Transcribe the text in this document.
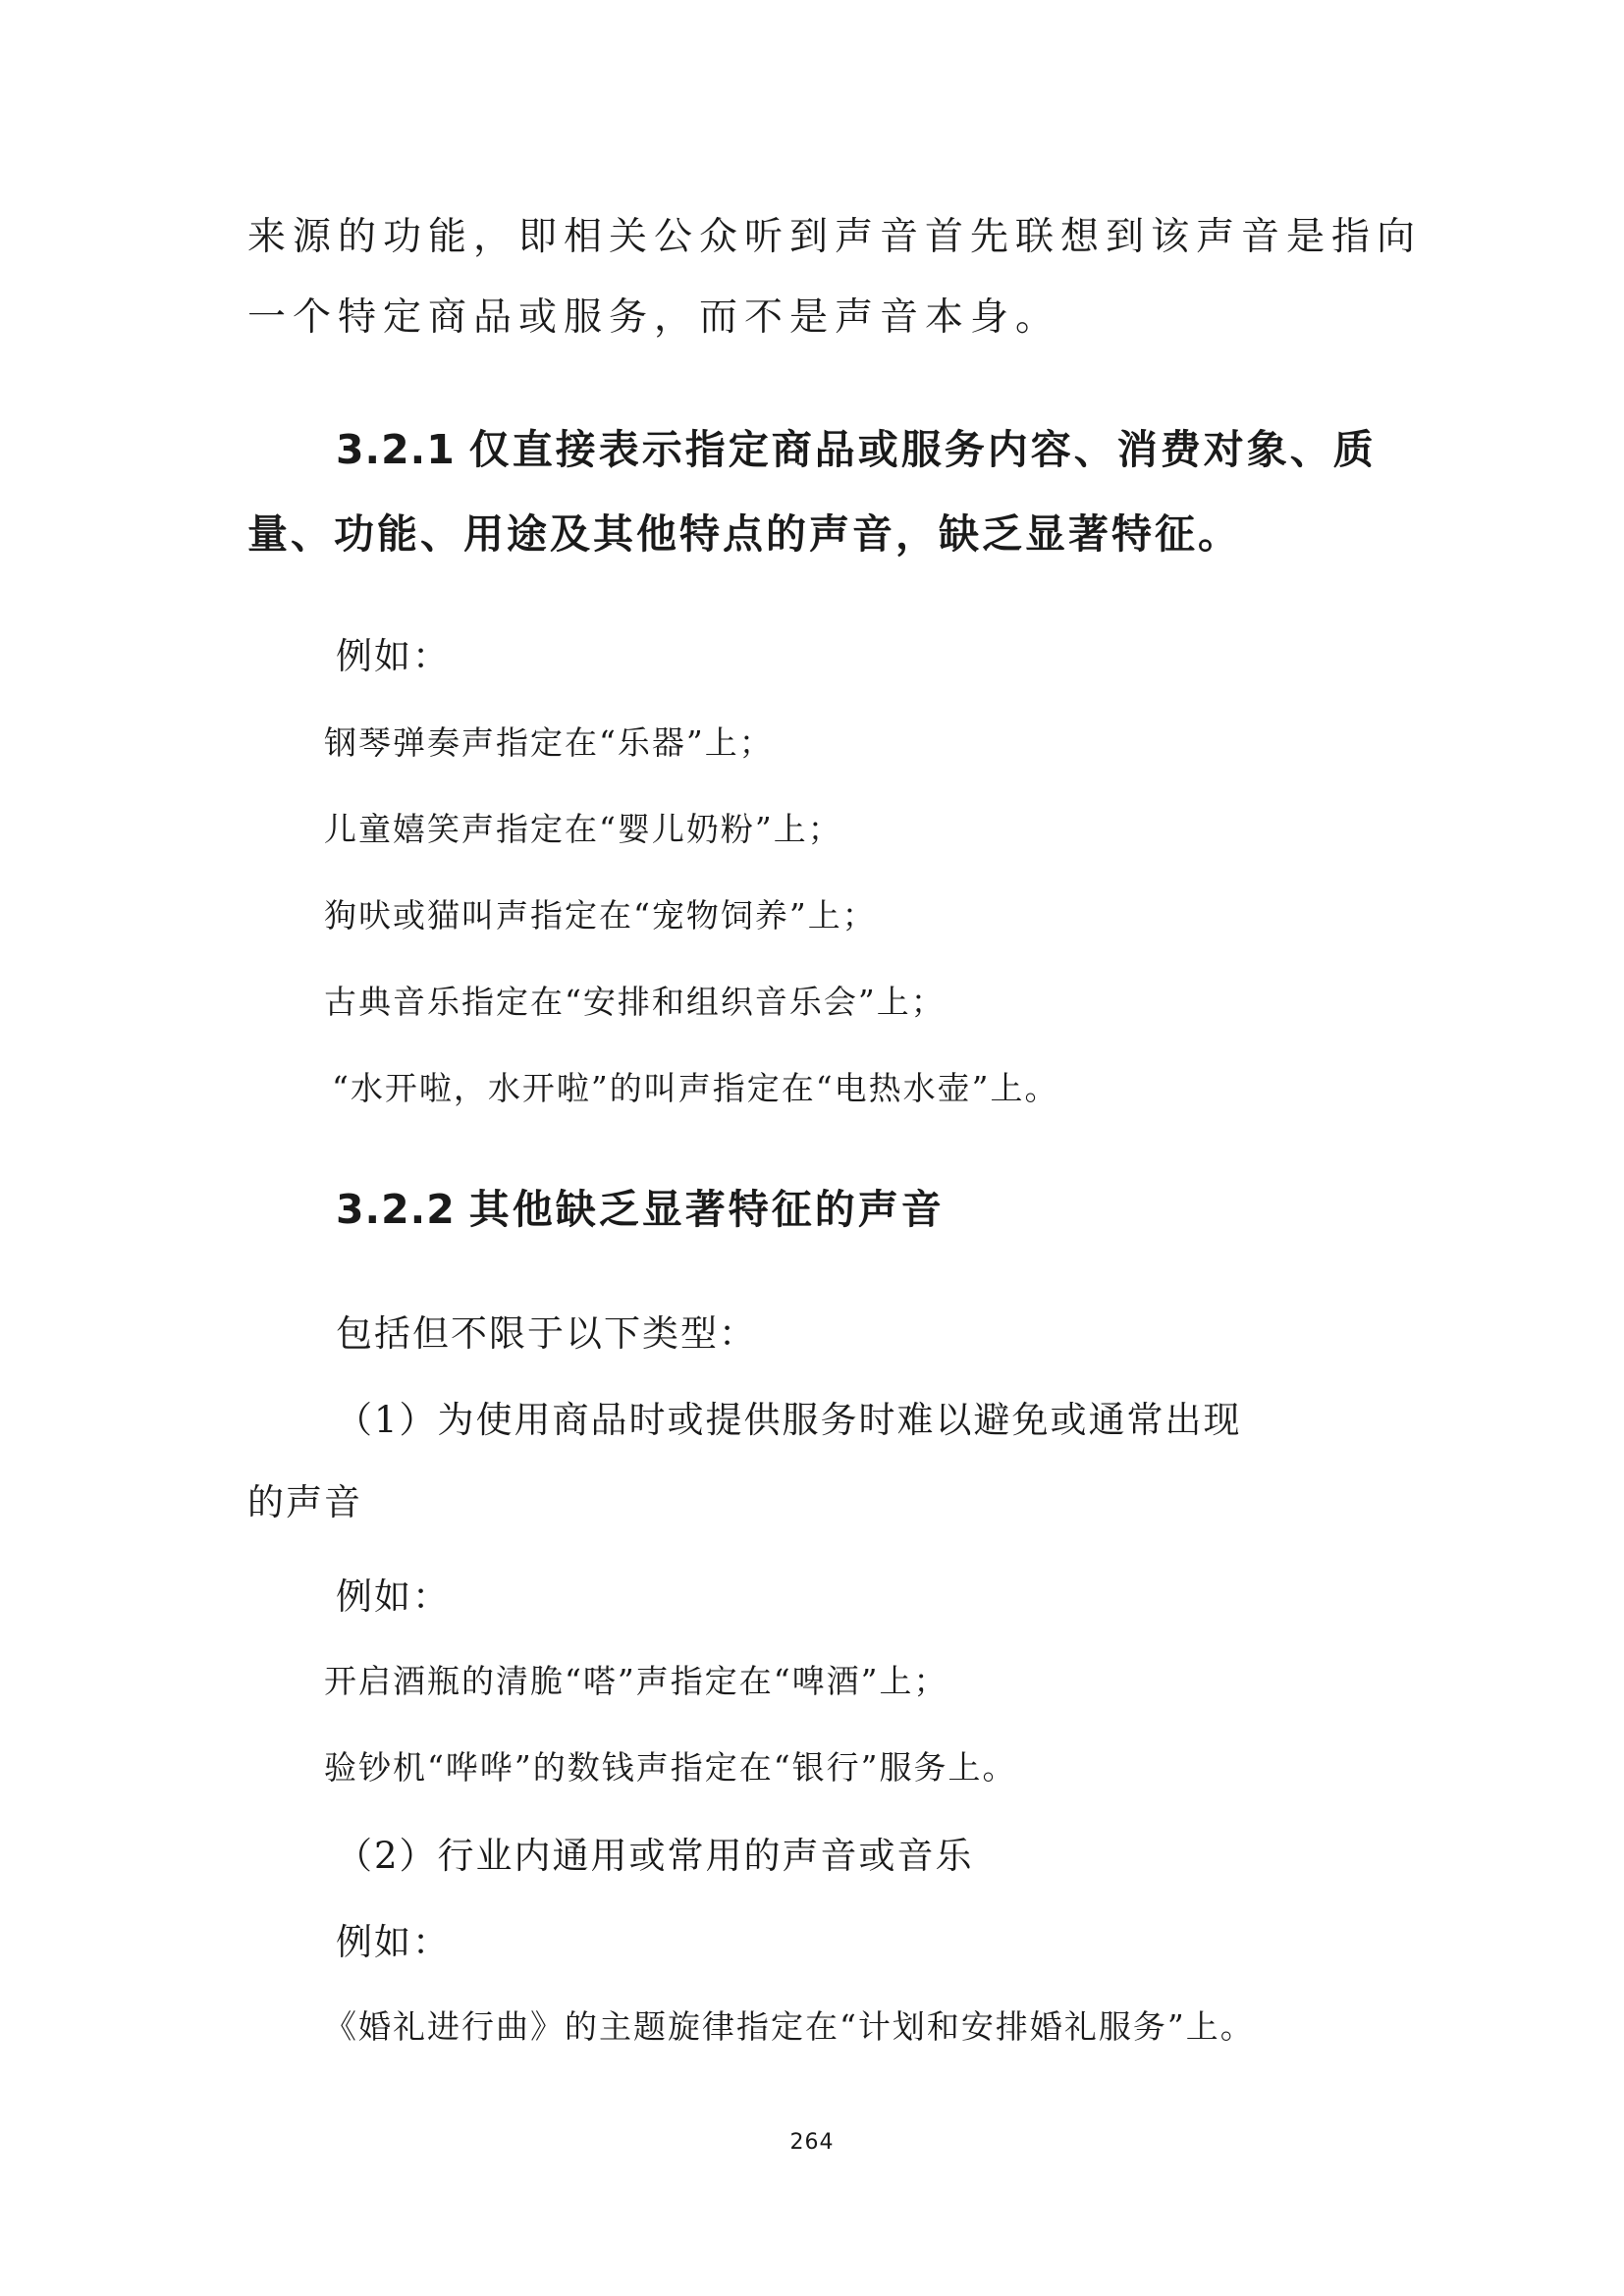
来源的功能，即相关公众听到声音首先联想到该声音是指向
一个特定商品或服务，而不是声音本身。
3.2.1 仅直接表示指定商品或服务内容、消费对象、质
量、功能、用途及其他特点的声音，缺乏显著特征。
例如：
钢琴弹奏声指定在“乐器”上；
儿童嬉笑声指定在“婴儿奶粉”上；
狗吠或猫叫声指定在“宠物饲养”上；
古典音乐指定在“安排和组织音乐会”上；
“水开啦，水开啦”的叫声指定在“电热水壶”上。
3.2.2 其他缺乏显著特征的声音
包括但不限于以下类型：
（1）为使用商品时或提供服务时难以避免或通常出现
的声音
例如：
开启酒瓶的清脆“嗒”声指定在“啤酒”上；
验钞机“哗哗”的数钱声指定在“银行”服务上。
（2）行业内通用或常用的声音或音乐
例如：
《婚礼进行曲》的主题旋律指定在“计划和安排婚礼服务”上。
264
